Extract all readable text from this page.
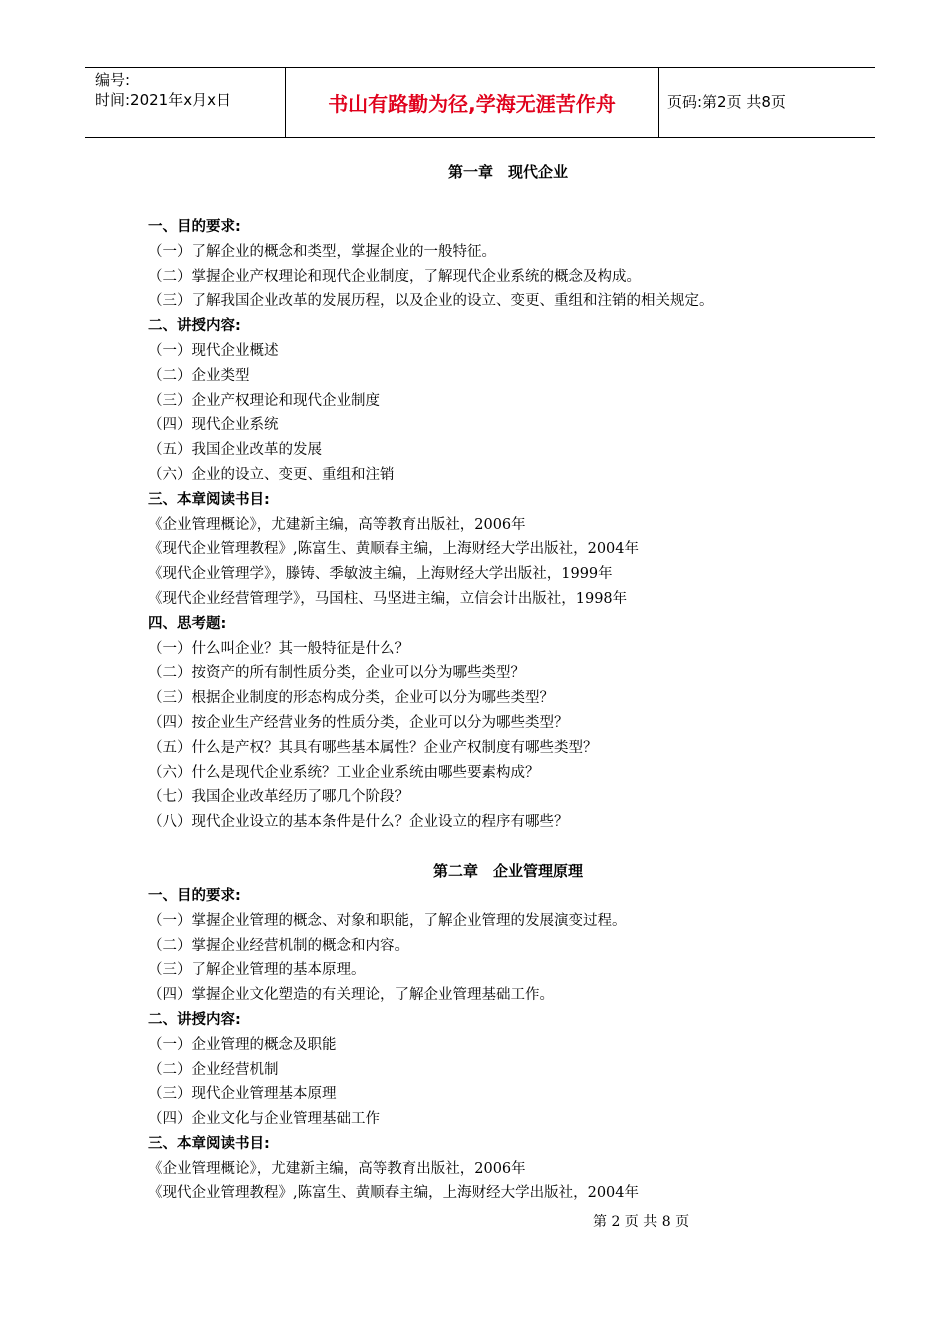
编号:
时间:2021年x月x日	书山有路勤为径,学海无涯苦作舟	页码:第2页 共8页
第一章　现代企业
一、目的要求:
（一）了解企业的概念和类型，掌握企业的一般特征。
（二）掌握企业产权理论和现代企业制度，了解现代企业系统的概念及构成。
（三）了解我国企业改革的发展历程，以及企业的设立、变更、重组和注销的相关规定。
二、讲授内容:
（一）现代企业概述
（二）企业类型
（三）企业产权理论和现代企业制度
（四）现代企业系统
（五）我国企业改革的发展
（六）企业的设立、变更、重组和注销
三、本章阅读书目:
《企业管理概论》，尤建新主编，高等教育出版社，2006年
《现代企业管理教程》,陈富生、黄顺春主编，上海财经大学出版社，2004年
《现代企业管理学》，滕铸、季敏波主编，上海财经大学出版社，1999年
《现代企业经营管理学》，马国柱、马坚进主编，立信会计出版社，1998年
四、思考题:
（一）什么叫企业？其一般特征是什么？
（二）按资产的所有制性质分类，企业可以分为哪些类型？
（三）根据企业制度的形态构成分类，企业可以分为哪些类型？
（四）按企业生产经营业务的性质分类，企业可以分为哪些类型？
（五）什么是产权？其具有哪些基本属性？企业产权制度有哪些类型？
（六）什么是现代企业系统？工业企业系统由哪些要素构成？
（七）我国企业改革经历了哪几个阶段？
（八）现代企业设立的基本条件是什么？企业设立的程序有哪些？
第二章　企业管理原理
一、目的要求:
（一）掌握企业管理的概念、对象和职能，了解企业管理的发展演变过程。
（二）掌握企业经营机制的概念和内容。
（三）了解企业管理的基本原理。
（四）掌握企业文化塑造的有关理论，了解企业管理基础工作。
二、讲授内容:
（一）企业管理的概念及职能
（二）企业经营机制
（三）现代企业管理基本原理
（四）企业文化与企业管理基础工作
三、本章阅读书目:
《企业管理概论》，尤建新主编，高等教育出版社，2006年
《现代企业管理教程》,陈富生、黄顺春主编，上海财经大学出版社，2004年
第 2 页 共 8 页
